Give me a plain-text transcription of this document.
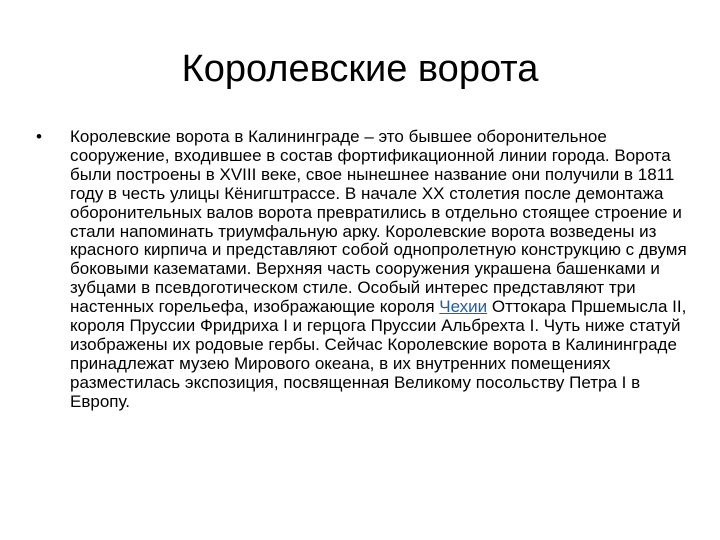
Королевские ворота
• Королевские ворота в Калининграде – это бывшее оборонительное сооружение, входившее в состав фортификационной линии города. Ворота были построены в XVIII веке, свое нынешнее название они получили в 1811 году в честь улицы Кёнигштрассе. В начале XX столетия после демонтажа оборонительных валов ворота превратились в отдельно стоящее строение и стали напоминать триумфальную арку. Королевские ворота возведены из красного кирпича и представляют собой однопролетную конструкцию с двумя боковыми казематами. Верхняя часть сооружения украшена башенками и зубцами в псевдоготическом стиле. Особый интерес представляют три настенных горельефа, изображающие короля Чехии Оттокара Пршемысла II, короля Пруссии Фридриха I и герцога Пруссии Альбрехта I. Чуть ниже статуй изображены их родовые гербы. Сейчас Королевские ворота в Калининграде принадлежат музею Мирового океана, в их внутренних помещениях разместилась экспозиция, посвященная Великому посольству Петра I в Европу.
